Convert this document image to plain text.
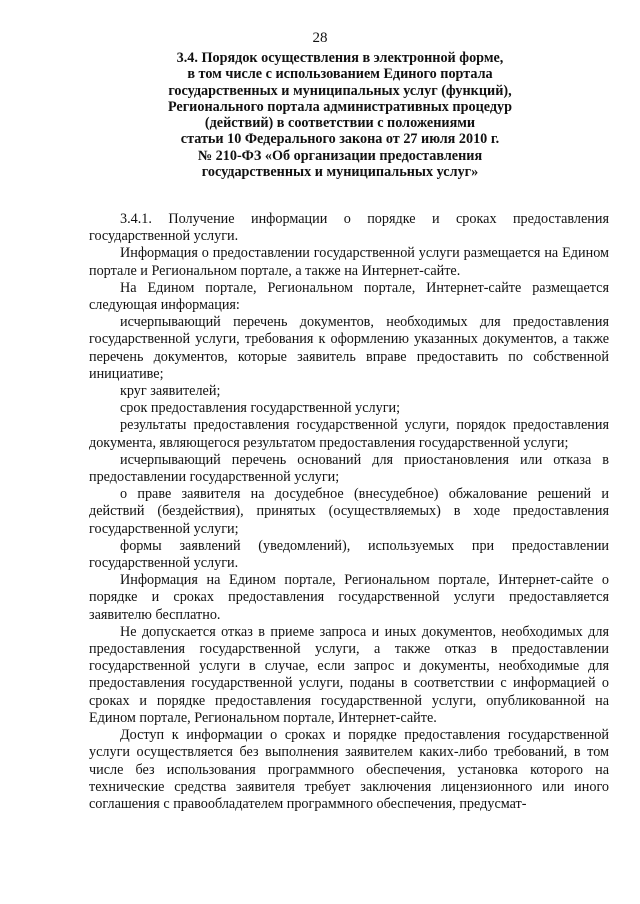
28
3.4. Порядок осуществления в электронной форме,
в том числе с использованием Единого портала
государственных и муниципальных услуг (функций),
Регионального портала административных процедур
(действий) в соответствии с положениями
статьи 10 Федерального закона от 27 июля 2010 г.
№ 210-ФЗ «Об организации предоставления
государственных и муниципальных услуг»

3.4.1. Получение информации о порядке и сроках предоставления государственной услуги.

Информация о предоставлении государственной услуги размещается на Едином портале и Региональном портале, а также на Интернет-сайте.

На Едином портале, Региональном портале, Интернет-сайте размещается следующая информация:

исчерпывающий перечень документов, необходимых для предоставления государственной услуги, требования к оформлению указанных документов, а также перечень документов, которые заявитель вправе предоставить по собственной инициативе;

круг заявителей;

срок предоставления государственной услуги;

результаты предоставления государственной услуги, порядок предоставления документа, являющегося результатом предоставления государственной услуги;

исчерпывающий перечень оснований для приостановления или отказа в предоставлении государственной услуги;

о праве заявителя на досудебное (внесудебное) обжалование решений и действий (бездействия), принятых (осуществляемых) в ходе предоставления государственной услуги;

формы заявлений (уведомлений), используемых при предоставлении государственной услуги.

Информация на Едином портале, Региональном портале, Интернет-сайте о порядке и сроках предоставления государственной услуги предоставляется заявителю бесплатно.

Не допускается отказ в приеме запроса и иных документов, необходимых для предоставления государственной услуги, а также отказ в предоставлении государственной услуги в случае, если запрос и документы, необходимые для предоставления государственной услуги, поданы в соответствии с информацией о сроках и порядке предоставления государственной услуги, опубликованной на Едином портале, Региональном портале, Интернет-сайте.

Доступ к информации о сроках и порядке предоставления государственной услуги осуществляется без выполнения заявителем каких-либо требований, в том числе без использования программного обеспечения, установка которого на технические средства заявителя требует заключения лицензионного или иного соглашения с правообладателем программного обеспечения, предусмат-
